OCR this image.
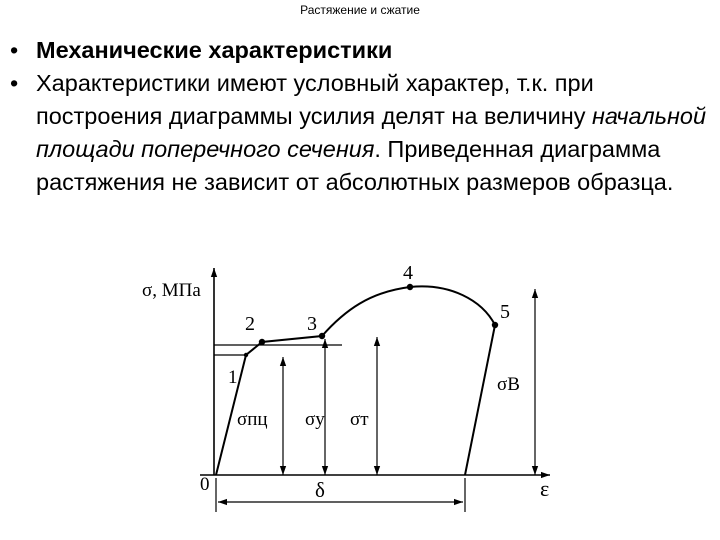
Растяжение и сжатие
• Механические характеристики
• Характеристики имеют условный характер, т.к. при построения диаграммы усилия делят на величину начальной площади поперечного сечения. Приведенная диаграмма растяжения не зависит от абсолютных размеров образца.
σ, МПа
ε
0
1
2	3
4
5
σпц σу σт
σВ
δ
